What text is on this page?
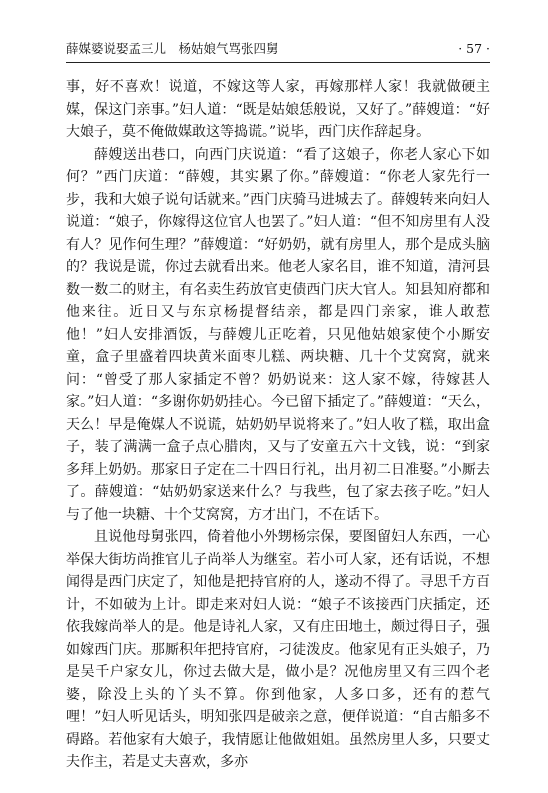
薛媒婆说娶孟三儿　杨姑娘气骂张四舅	· 57 ·

事，好不喜欢！说道，不嫁这等人家，再嫁那样人家！我就做硬主媒，保这门亲事。”妇人道：“既是姑娘恁般说，又好了。”薛嫂道：“好大娘子，莫不俺做媒敢这等捣谎。”说毕，西门庆作辞起身。

薛嫂送出巷口，向西门庆说道：“看了这娘子，你老人家心下如何？”西门庆道：“薛嫂，其实累了你。”薛嫂道：“你老人家先行一步，我和大娘子说句话就来。”西门庆骑马进城去了。薛嫂转来向妇人说道：“娘子，你嫁得这位官人也罢了。”妇人道：“但不知房里有人没有人？见作何生理？”薛嫂道：“好奶奶，就有房里人，那个是成头脑的？我说是谎，你过去就看出来。他老人家名目，谁不知道，清河县数一数二的财主，有名卖生药放官吏债西门庆大官人。知县知府都和他来往。近日又与东京杨提督结亲，都是四门亲家，谁人敢惹他！”妇人安排酒饭，与薛嫂儿正吃着，只见他姑娘家使个小厮安童，盒子里盛着四块黄米面枣儿糕、两块糖、几十个艾窝窝，就来问：“曾受了那人家插定不曾？奶奶说来：这人家不嫁，待嫁甚人家。”妇人道：“多谢你奶奶挂心。今已留下插定了。”薛嫂道：“天么，天么！早是俺媒人不说谎，姑奶奶早说将来了。”妇人收了糕，取出盒子，装了满满一盒子点心腊肉，又与了安童五六十文钱，说：“到家多拜上奶奶。那家日子定在二十四日行礼，出月初二日准娶。”小厮去了。薛嫂道：“姑奶奶家送来什么？与我些，包了家去孩子吃。”妇人与了他一块糖、十个艾窝窝，方才出门，不在话下。

且说他母舅张四，倚着他小外甥杨宗保，要图留妇人东西，一心举保大街坊尚推官儿子尚举人为继室。若小可人家，还有话说，不想闻得是西门庆定了，知他是把持官府的人，遂动不得了。寻思千方百计，不如破为上计。即走来对妇人说：“娘子不该接西门庆插定，还依我嫁尚举人的是。他是诗礼人家，又有庄田地土，颇过得日子，强如嫁西门庆。那厮积年把持官府，刁徒泼皮。他家见有正头娘子，乃是吴千户家女儿，你过去做大是，做小是？况他房里又有三四个老婆，除没上头的丫头不算。你到他家，人多口多，还有的惹气哩！”妇人听见话头，明知张四是破亲之意，便佯说道：“自古船多不碍路。若他家有大娘子，我情愿让他做姐姐。虽然房里人多，只要丈夫作主，若是丈夫喜欢，多亦
